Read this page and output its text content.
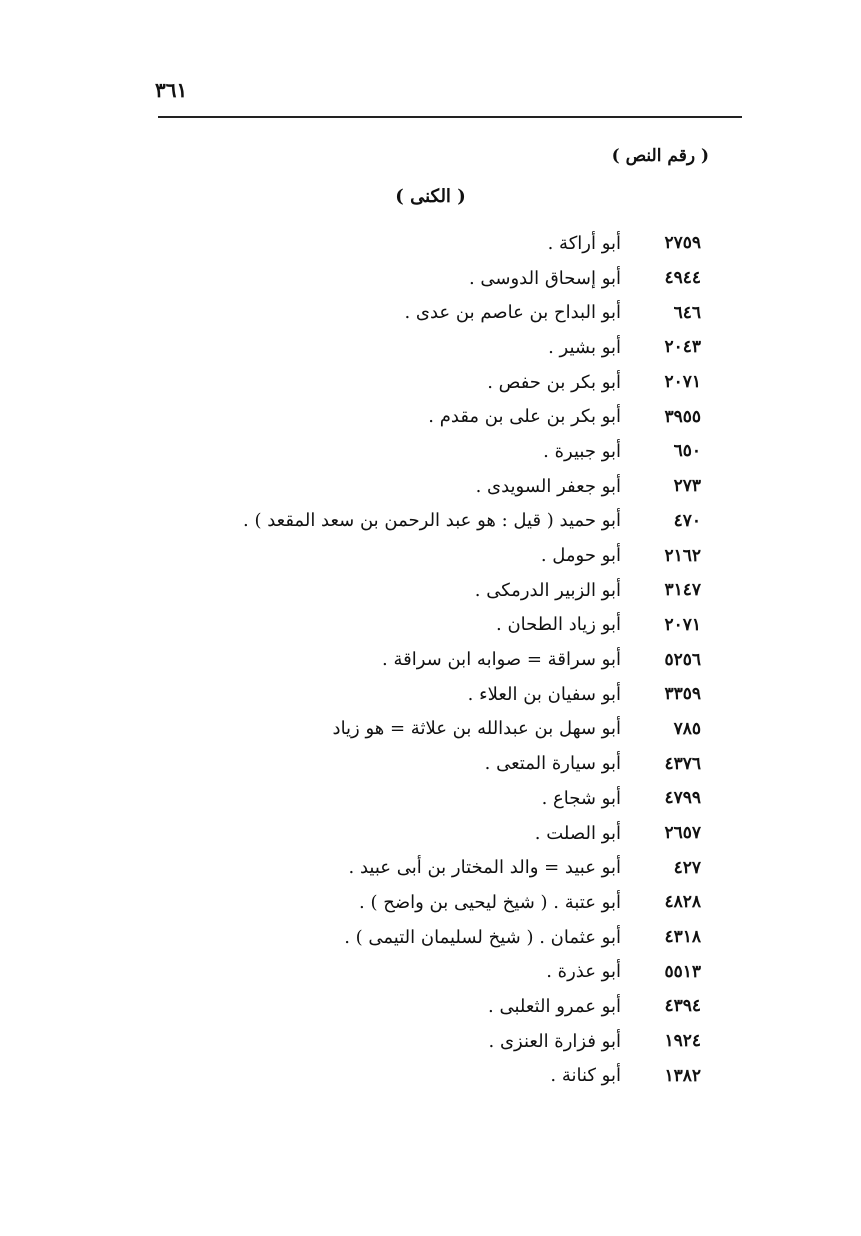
٣٦١
( رقم النص )
( الكنى )
٢٧٥٩
أبو أراكة .
٤٩٤٤
أبو إسحاق الدوسى .
٦٤٦
أبو البداح بن عاصم بن عدى .
٢٠٤٣
أبو بشير .
٢٠٧١
أبو بكر بن حفص .
٣٩٥٥
أبو بكر بن على بن مقدم .
٦٥٠
أبو جبيرة .
٢٧٣
أبو جعفر السويدى .
٤٧٠
أبو حميد ( قيل : هو عبد الرحمن بن سعد المقعد ) .
٢١٦٢
أبو حومل .
٣١٤٧
أبو الزبير الدرمكى .
٢٠٧١
أبو زياد الطحان .
٥٢٥٦
أبو سراقة = صوابه ابن سراقة .
٣٣٥٩
أبو سفيان بن العلاء .
٧٨٥
أبو سهل بن عبدالله بن علاثة = هو زياد
٤٣٧٦
أبو سيارة المتعى .
٤٧٩٩
أبو شجاع .
٢٦٥٧
أبو الصلت .
٤٢٧
أبو عبيد = والد المختار بن أبى عبيد .
٤٨٢٨
أبو عتبة . ( شيخ ليحيى بن واضح ) .
٤٣١٨
أبو عثمان . ( شيخ لسليمان التيمى ) .
٥٥١٣
أبو عذرة .
٤٣٩٤
أبو عمرو الثعلبى .
١٩٢٤
أبو فزارة العنزى .
١٣٨٢
أبو كنانة .
